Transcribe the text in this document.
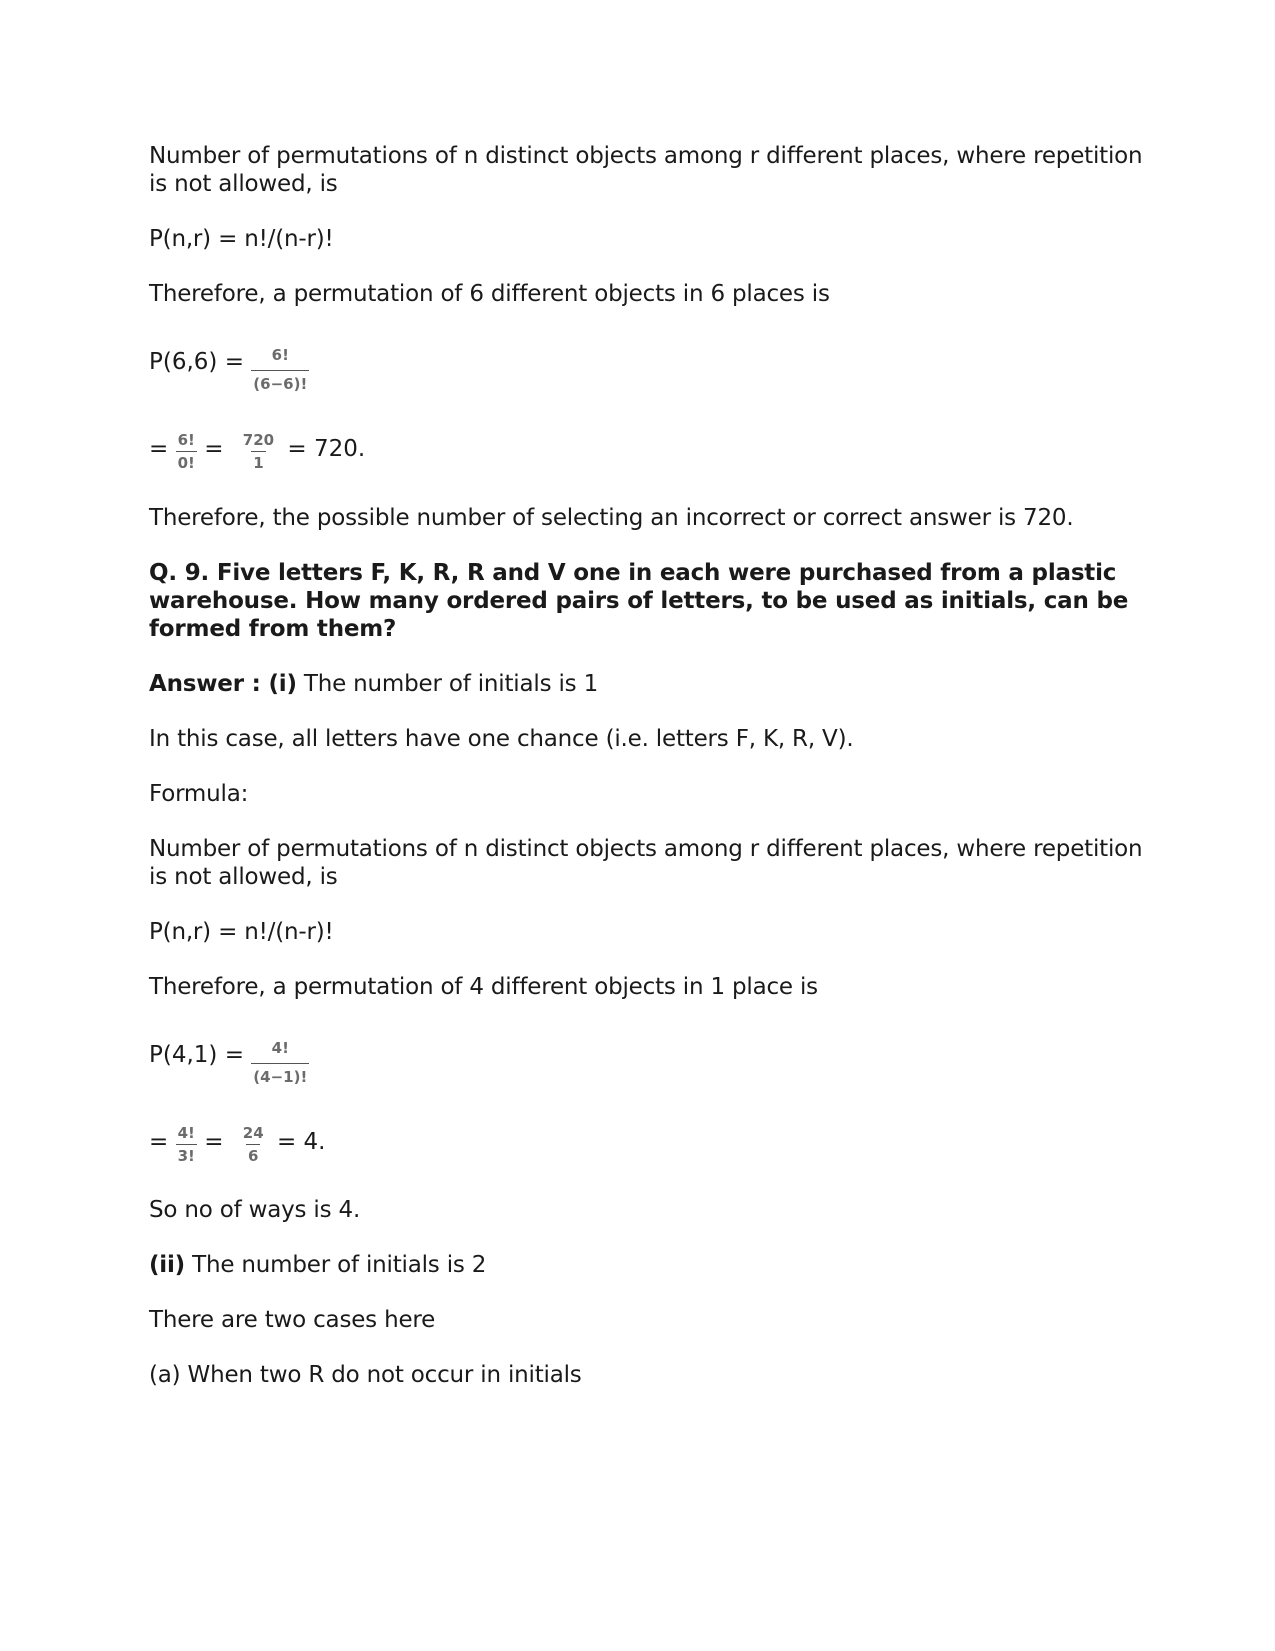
Number of permutations of n distinct objects among r different places, where repetition
is not allowed, is
P(n,r) = n!/(n-r)!
Therefore, a permutation of 6 different objects in 6 places is
$P(6,6) = \frac{6!}{(6-6)!}$
= $\frac{6!}{0!} = \frac{720}{1} = 720$.
Therefore, the possible number of selecting an incorrect or correct answer is 720.
Q. 9. Five letters F, K, R, R and V one in each were purchased from a plastic
warehouse. How many ordered pairs of letters, to be used as initials, can be
formed from them?
Answer : (i) The number of initials is 1
In this case, all letters have one chance (i.e. letters F, K, R, V).
Formula:
Number of permutations of n distinct objects among r different places, where repetition
is not allowed, is
P(n,r) = n!/(n-r)!
Therefore, a permutation of 4 different objects in 1 place is
$P(4,1) = \frac{4!}{(4-1)!}$
= $\frac{4!}{3!} = \frac{24}{6} = 4$.
So no of ways is 4.
(ii) The number of initials is 2
There are two cases here
(a) When two R do not occur in initials
